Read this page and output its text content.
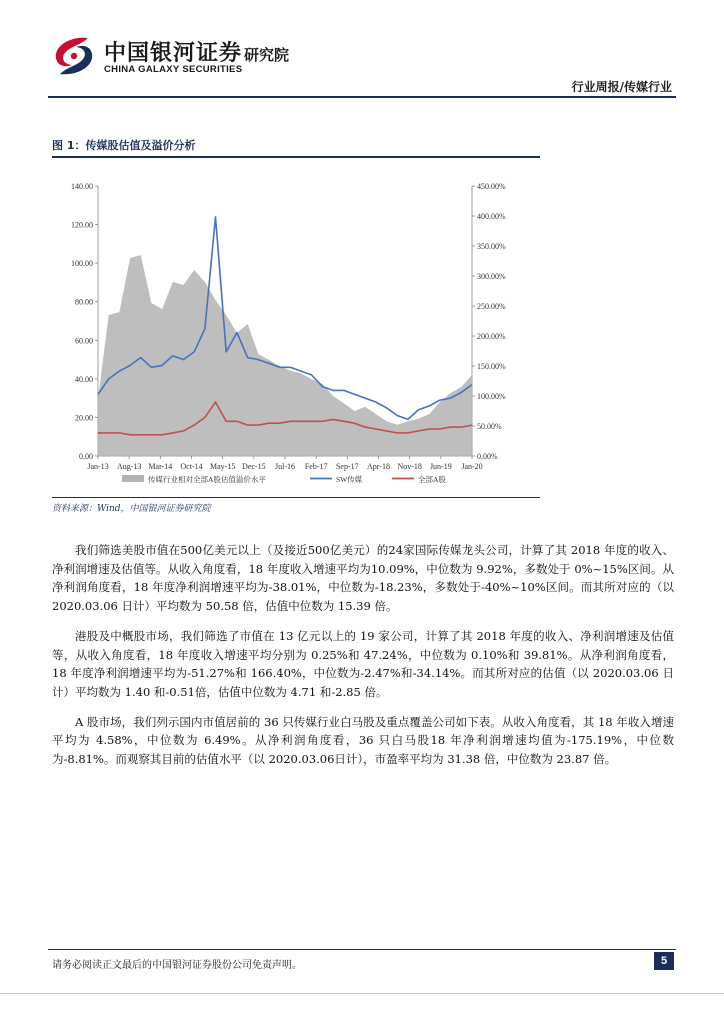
中国银河证券
CHINA GALAXY SECURITIES
研究院
行业周报/传媒行业
图 1：传媒股估值及溢价分析
0.00
20.00
40.00
60.00
80.00
100.00
120.00
140.00
0.00%
50.00%
100.00%
150.00%
200.00%
250.00%
300.00%
350.00%
400.00%
450.00%
Jan-13 Aug-13 Mar-14 Oct-14 May-15 Dec-15 Jul-16 Feb-17 Sep-17 Apr-18 Nov-18 Jun-19 Jan-20
传媒行业相对全部A股估值溢价水平	SW传媒	全部A股
资料来源：Wind，中国银河证券研究院

我们筛选美股市值在500亿美元以上（及接近500亿美元）的24家国际传媒龙头公司，计算了其 2018 年度的收入、净利润增速及估值等。从收入角度看，18 年度收入增速平均为10.09%，中位数为 9.92%，多数处于 0%~15%区间。从净利润角度看，18 年度净利润增速平均为-38.01%，中位数为-18.23%，多数处于-40%~10%区间。而其所对应的（以 2020.03.06 日计）平均数为 50.58 倍，估值中位数为 15.39 倍。

港股及中概股市场，我们筛选了市值在 13 亿元以上的 19 家公司，计算了其 2018 年度的收入、净利润增速及估值等，从收入角度看，18 年度收入增速平均分别为 0.25%和 47.24%，中位数为 0.10%和 39.81%。从净利润角度看，18 年度净利润增速平均为-51.27%和 166.40%，中位数为-2.47%和-34.14%。而其所对应的估值（以 2020.03.06 日计）平均数为 1.40 和-0.51倍，估值中位数为 4.71 和-2.85 倍。

A 股市场，我们列示国内市值居前的 36 只传媒行业白马股及重点覆盖公司如下表。从收入角度看，其 18 年收入增速平均为 4.58%，中位数为 6.49%。从净利润角度看，36 只白马股18 年净利润增速均值为-175.19%，中位数为-8.81%。而观察其目前的估值水平（以 2020.03.06日计），市盈率平均为 31.38 倍，中位数为 23.87 倍。

请务必阅读正文最后的中国银河证券股份公司免责声明。	5
